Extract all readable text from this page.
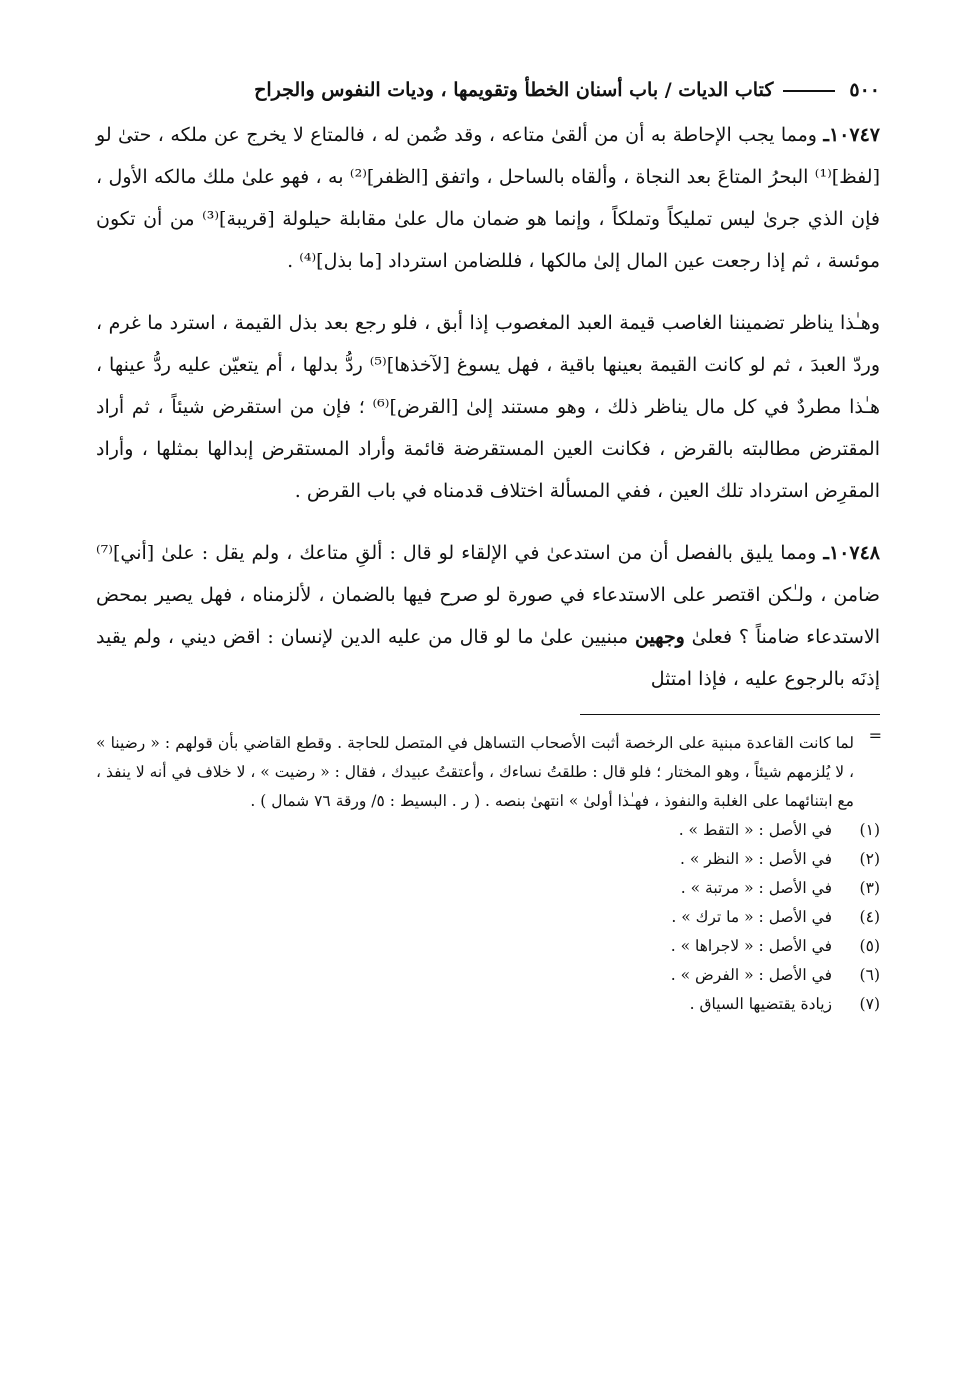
٥٠٠
كتاب الديات / باب أسنان الخطأ وتقويمها ، وديات النفوس والجراح

١٠٧٤٧ـ ومما يجب الإحاطة به أن من ألقىٰ متاعه ، وقد ضُمن له ، فالمتاع لا يخرج عن ملكه ، حتىٰ لو [لفظ]⁽¹⁾ البحرُ المتاعَ بعد النجاة ، وألقاه بالساحل ، واتفق [الظفر]⁽²⁾ به ، فهو علىٰ ملك مالكه الأول ، فإن الذي جرىٰ ليس تمليكاً وتملكاً ، وإنما هو ضمان مال علىٰ مقابلة حيلولة [قريبة]⁽³⁾ من أن تكون موئسة ، ثم إذا رجعت عين المال إلىٰ مالكها ، فللضامن استرداد [ما بذل]⁽⁴⁾ .

وهـٰذا يناظر تضميننا الغاصب قيمة العبد المغصوب إذا أبق ، فلو رجع بعد بذل القيمة ، استرد ما غرم ، وردّ العبدَ ، ثم لو كانت القيمة بعينها باقية ، فهل يسوغ [لآخذها]⁽⁵⁾ ردُّ بدلها ، أم يتعيّن عليه ردُّ عينها ، هـٰذا مطردٌ في كل مال يناظر ذلك ، وهو مستند إلىٰ [القرض]⁽⁶⁾ ؛ فإن من استقرض شيئاً ، ثم أراد المقترض مطالبته بالقرض ، فكانت العين المستقرضة قائمة وأراد المستقرض إبدالها بمثلها ، وأراد المقرِض استرداد تلك العين ، ففي المسألة اختلاف قدمناه في باب القرض .

١٠٧٤٨ـ ومما يليق بالفصل أن من استدعىٰ في الإلقاء لو قال : ألقِ متاعك ، ولم يقل : علىٰ [أني]⁽⁷⁾ ضامن ، ولـٰكن اقتصر على الاستدعاء في صورة لو صرح فيها بالضمان ، لألزمناه ، فهل يصير بمحض الاستدعاء ضامناً ؟ فعلىٰ وجهين مبنيين علىٰ ما لو قال من عليه الدين لإنسان : اقض ديني ، ولم يقيد إذنَه بالرجوع عليه ، فإذا امتثل

=
لما كانت القاعدة مبنية على الرخصة أثبت الأصحاب التساهل في المتصل للحاجة . وقطع القاضي بأن قولهم : « رضينا » ، لا يُلزمهم شيئاً ، وهو المختار ؛ فلو قال : طلقتُ نساءك ، وأعتقتُ عبيدك ، فقال : « رضيت » ، لا خلاف في أنه لا ينفذ ، مع ابتنائهما على الغلبة والنفوذ ، فهـٰذا أولىٰ » انتهىٰ بنصه . ( ر . البسيط : ٥/ ورقة ٧٦ شمال ) .

(١)
في الأصل : « التقط » .
(٢)
في الأصل : « النظر » .
(٣)
في الأصل : « مرتبة » .
(٤)
في الأصل : « ما ترك » .
(٥)
في الأصل : « لاجراها » .
(٦)
في الأصل : « الفرض » .
(٧)
زيادة يقتضيها السياق .
